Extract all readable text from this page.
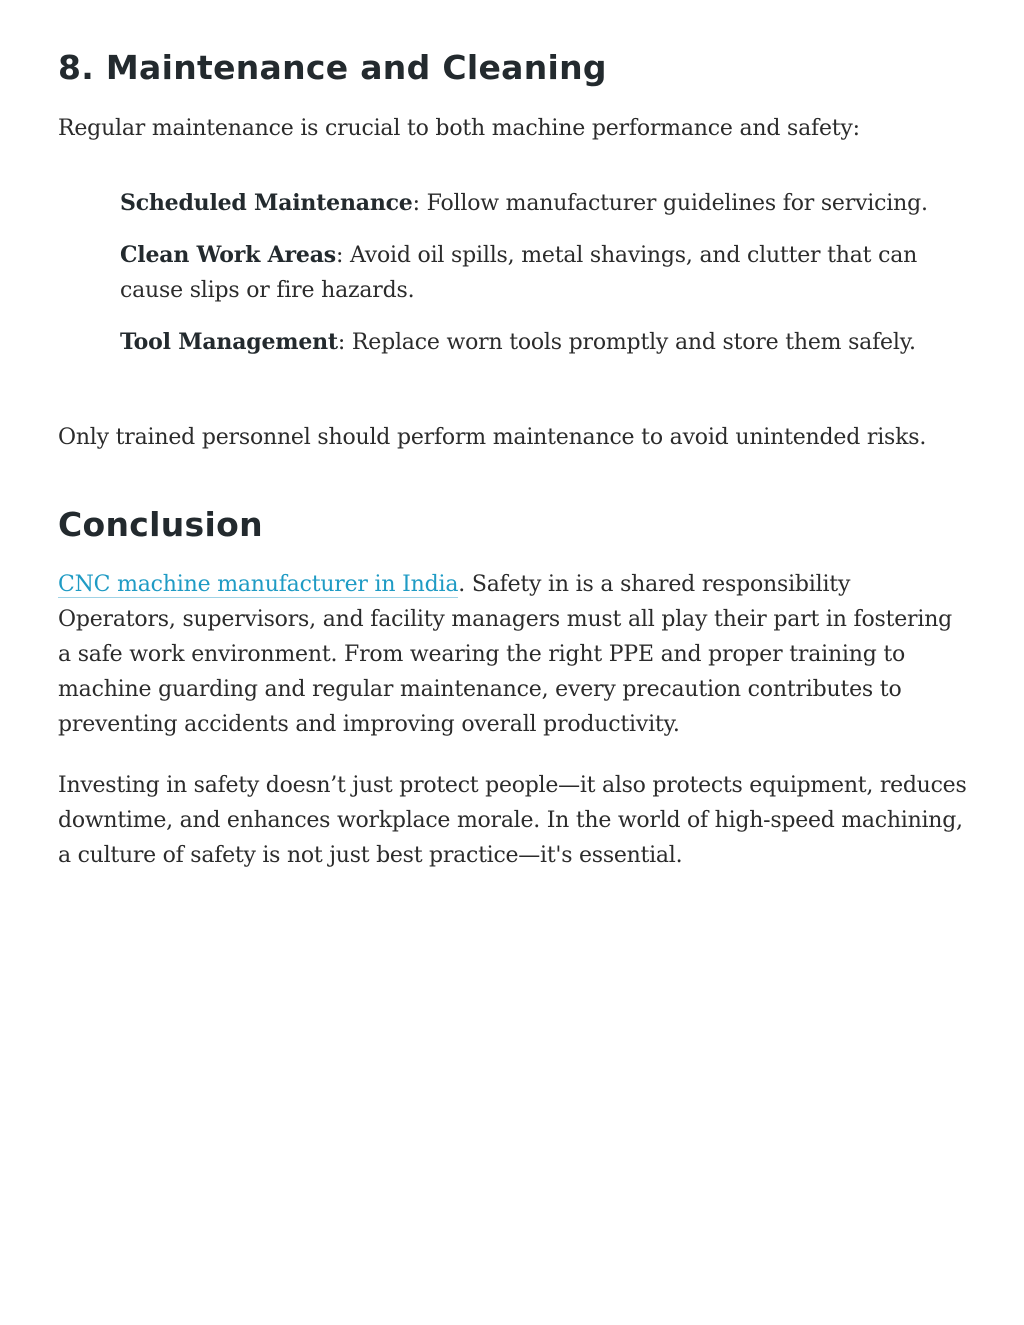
8. Maintenance and Cleaning

Regular maintenance is crucial to both machine performance and safety:

Scheduled Maintenance: Follow manufacturer guidelines for servicing.
Clean Work Areas: Avoid oil spills, metal shavings, and clutter that can cause slips or fire hazards.
Tool Management: Replace worn tools promptly and store them safely.

Only trained personnel should perform maintenance to avoid unintended risks.

Conclusion

CNC machine manufacturer in India. Safety in is a shared responsibility Operators, supervisors, and facility managers must all play their part in fostering a safe work environment. From wearing the right PPE and proper training to machine guarding and regular maintenance, every precaution contributes to preventing accidents and improving overall productivity.

Investing in safety doesn’t just protect people—it also protects equipment, reduces downtime, and enhances workplace morale. In the world of high-speed machining, a culture of safety is not just best practice—it's essential.
